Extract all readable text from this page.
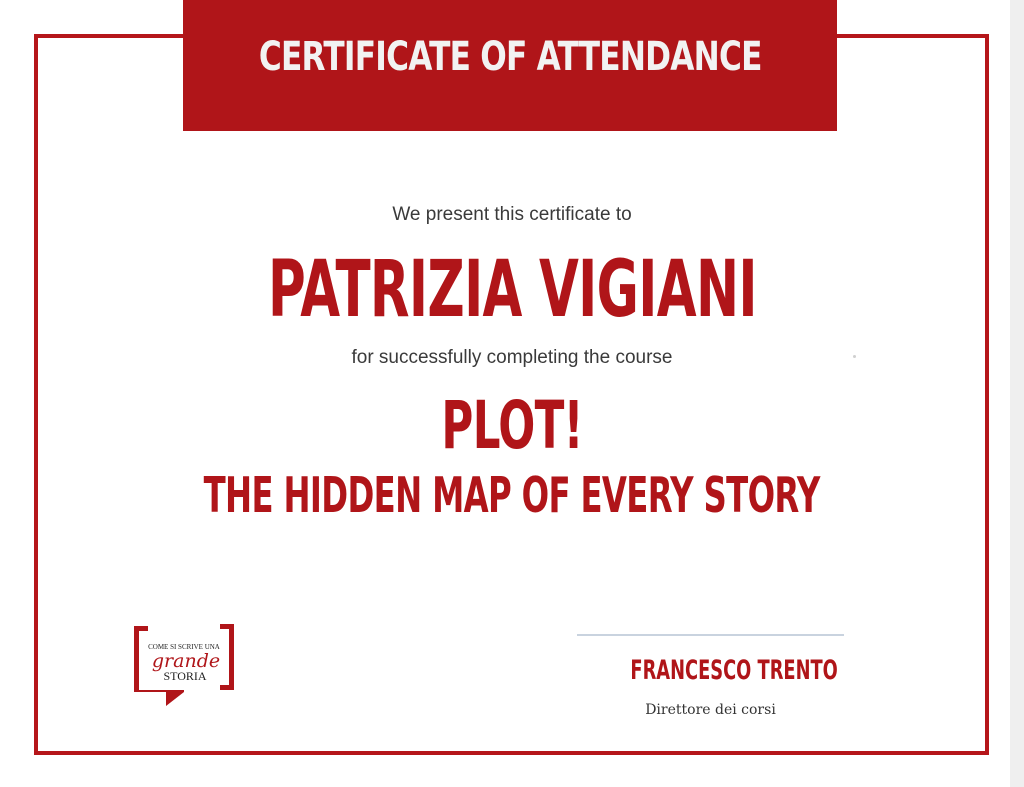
CERTIFICATE OF ATTENDANCE
We present this certificate to
PATRIZIA VIGIANI
for successfully completing the course
PLOT!
THE HIDDEN MAP OF EVERY STORY
COME SI SCRIVE UNA
grande
STORIA	FRANCESCO TRENTO
Direttore dei corsi
